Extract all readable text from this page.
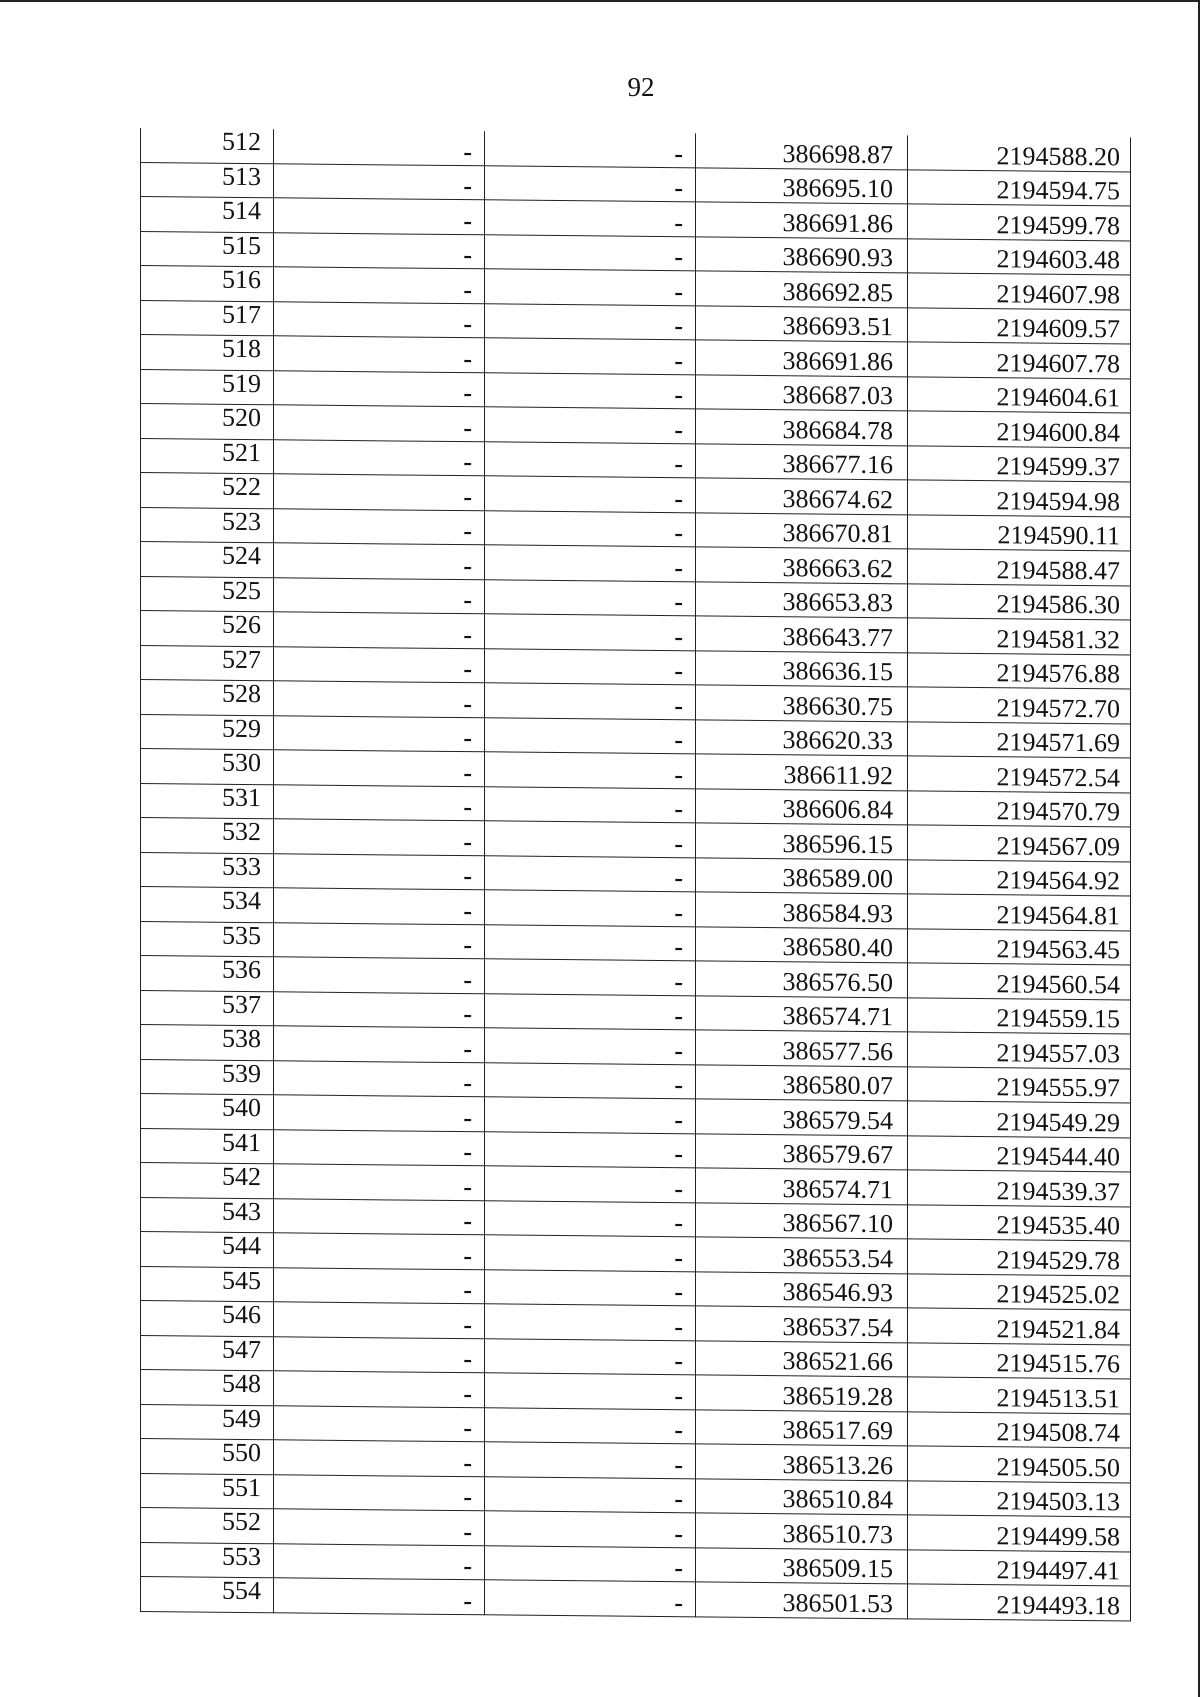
92
512	-	-	386698.87	2194588.20
513	-	-	386695.10	2194594.75
514	-	-	386691.86	2194599.78
515	-	-	386690.93	2194603.48
516	-	-	386692.85	2194607.98
517	-	-	386693.51	2194609.57
518	-	-	386691.86	2194607.78
519	-	-	386687.03	2194604.61
520	-	-	386684.78	2194600.84
521	-	-	386677.16	2194599.37
522	-	-	386674.62	2194594.98
523	-	-	386670.81	2194590.11
524	-	-	386663.62	2194588.47
525	-	-	386653.83	2194586.30
526	-	-	386643.77	2194581.32
527	-	-	386636.15	2194576.88
528	-	-	386630.75	2194572.70
529	-	-	386620.33	2194571.69
530	-	-	386611.92	2194572.54
531	-	-	386606.84	2194570.79
532	-	-	386596.15	2194567.09
533	-	-	386589.00	2194564.92
534	-	-	386584.93	2194564.81
535	-	-	386580.40	2194563.45
536	-	-	386576.50	2194560.54
537	-	-	386574.71	2194559.15
538	-	-	386577.56	2194557.03
539	-	-	386580.07	2194555.97
540	-	-	386579.54	2194549.29
541	-	-	386579.67	2194544.40
542	-	-	386574.71	2194539.37
543	-	-	386567.10	2194535.40
544	-	-	386553.54	2194529.78
545	-	-	386546.93	2194525.02
546	-	-	386537.54	2194521.84
547	-	-	386521.66	2194515.76
548	-	-	386519.28	2194513.51
549	-	-	386517.69	2194508.74
550	-	-	386513.26	2194505.50
551	-	-	386510.84	2194503.13
552	-	-	386510.73	2194499.58
553	-	-	386509.15	2194497.41
554	-	-	386501.53	2194493.18
